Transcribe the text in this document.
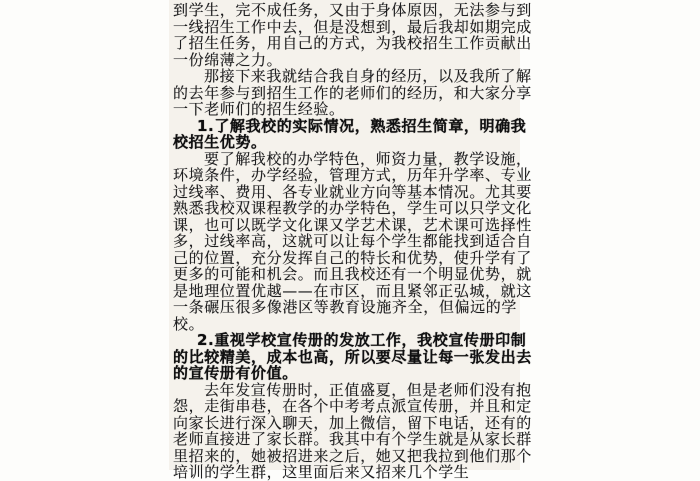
到学生，完不成任务，又由于身体原因，无法参与到
一线招生工作中去，但是没想到，最后我却如期完成
了招生任务，用自己的方式，为我校招生工作贡献出
一份绵薄之力。
那接下来我就结合我自身的经历，以及我所了解
的去年参与到招生工作的老师们的经历，和大家分享
一下老师们的招生经验。
1.了解我校的实际情况，熟悉招生简章，明确我
校招生优势。
要了解我校的办学特色，师资力量，教学设施，
环境条件，办学经验，管理方式，历年升学率、专业
过线率、费用、各专业就业方向等基本情况。尤其要
熟悉我校双课程教学的办学特色，学生可以只学文化
课，也可以既学文化课又学艺术课，艺术课可选择性
多，过线率高，这就可以让每个学生都能找到适合自
己的位置，充分发挥自己的特长和优势，使升学有了
更多的可能和机会。而且我校还有一个明显优势，就
是地理位置优越——在市区，而且紧邻正弘城，就这
一条碾压很多像港区等教育设施齐全，但偏远的学
校。
2.重视学校宣传册的发放工作，我校宣传册印制
的比较精美，成本也高，所以要尽量让每一张发出去
的宣传册有价值。
去年发宣传册时，正值盛夏，但是老师们没有抱
怨，走街串巷，在各个中考考点派宣传册，并且和定
向家长进行深入聊天，加上微信，留下电话，还有的
老师直接进了家长群。我其中有个学生就是从家长群
里招来的，她被招进来之后，她又把我拉到他们那个
培训的学生群，这里面后来又招来几个学生
